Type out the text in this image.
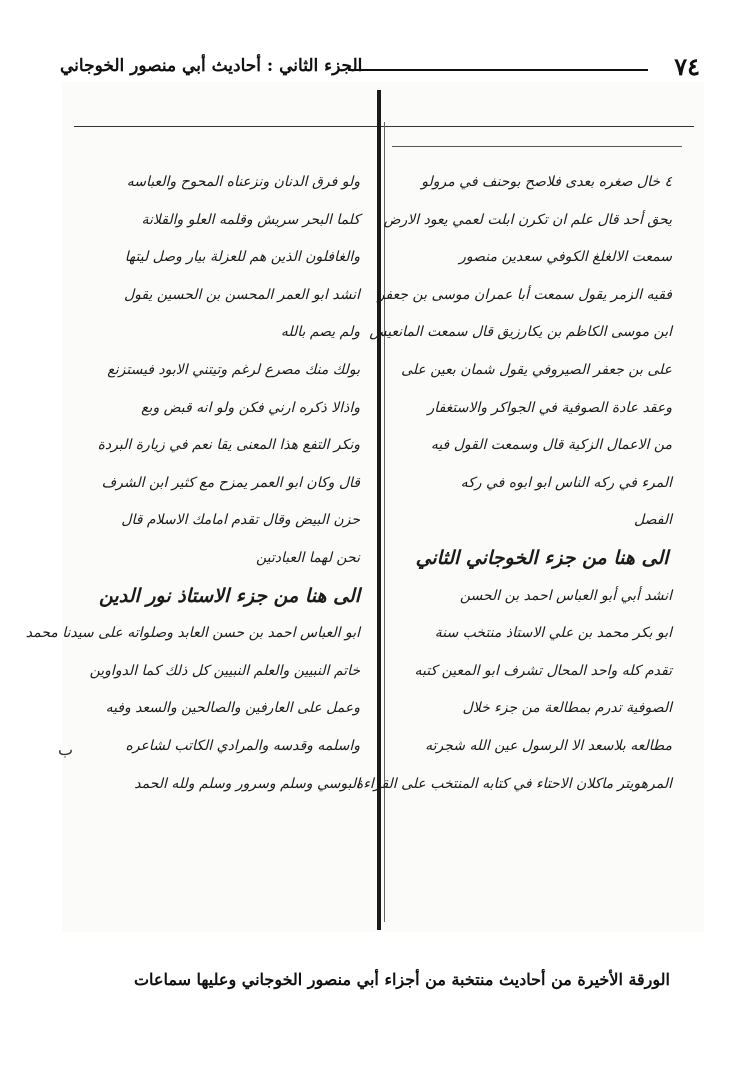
٧٤
الجزء الثاني : أحاديث أبي منصور الخوجاني
٤ خال صغره بعدى فلاصح بوحنف في مرولو
يحق أحد قال علم ان تكرن ابلت لعمي يعود الارض
سمعت الالغلغ الكوفي سعدين منصور
فقيه الزمر يقول سمعت أبا عمران موسى بن جعفر
ابن موسى الكاظم بن يكارزيق قال سمعت المانعيس
على بن جعفر الصيروفي يقول شمان بعين على
وعقد عادة الصوفية في الجواكر والاستغفار
من الاعمال الزكية قال وسمعت القول فيه
المرء في ركه الناس ابو ابوه في ركه
الفصل
الى هنا من جزء الخوجاني الثاني
انشد أبي أبو العباس احمد بن الحسن
ابو بكر محمد بن علي الاستاذ منتخب سنة
تقدم كله واحد المحال تشرف ابو المعين كتبه
الصوفية تدرم بمطالعة من جزء خلال
مطالعه بلاسعد الا الرسول عين الله شجرته
المرهويتر ماكلان الاحتاء في كتابه المنتخب على القراءة
ولو فرق الدنان ونزعناه المحوح والعباسه
كلما البحر سريش وقلمه العلو والقلانة
والغافلون الذين هم للعزلة بيار وصل ليتها
انشد ابو العمر المحسن بن الحسين يقول
ولم يصم بالله
بولك منك مصرع لرغم وتيتني الابود فيستزنع
واذالا ذكره ارني فكن ولو انه قبض وبع
ونكر التفع هذا المعنى يقا نعم في زيارة البردة
قال وكان ابو العمر يمزح مع كثير ابن الشرف
حزن البيض وقال تقدم امامك الاسلام قال
نحن لهما العبادتين
الى هنا من جزء الاستاذ نور الدين
ابو العباس احمد بن حسن العابد وصلواته على سيدنا محمد
خاتم النبيين والعلم النبيين كل ذلك كما الدواوين
وعمل على العارفين والصالحين والسعد وفيه
واسلمه وقدسه والمرادي الكاتب لشاعره
البوسي وسلم وسرور وسلم ولله الحمد
ب
الورقة الأخيرة من أحاديث منتخبة من أجزاء أبي منصور الخوجاني وعليها سماعات
